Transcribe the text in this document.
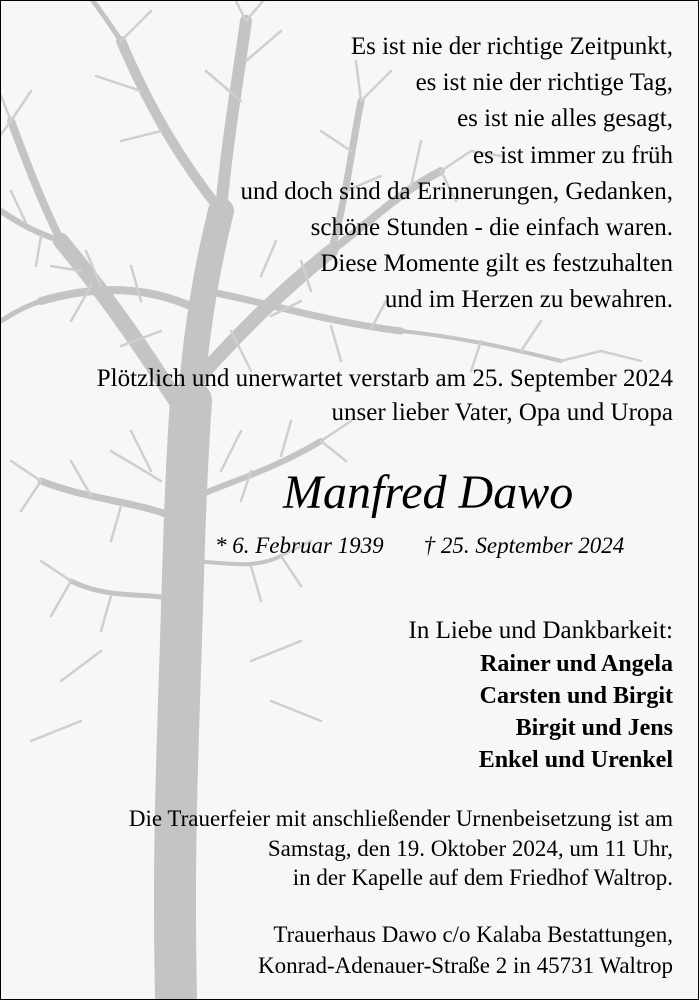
Es ist nie der richtige Zeitpunkt,
es ist nie der richtige Tag,
es ist nie alles gesagt,
es ist immer zu früh
und doch sind da Erinnerungen, Gedanken,
schöne Stunden - die einfach waren.
Diese Momente gilt es festzuhalten
und im Herzen zu bewahren.
Plötzlich und unerwartet verstarb am 25. September 2024
unser lieber Vater, Opa und Uropa
Manfred Dawo
* 6. Februar 1939 † 25. September 2024
In Liebe und Dankbarkeit:
Rainer und Angela
Carsten und Birgit
Birgit und Jens
Enkel und Urenkel
Die Trauerfeier mit anschließender Urnenbeisetzung ist am
Samstag, den 19. Oktober 2024, um 11 Uhr,
in der Kapelle auf dem Friedhof Waltrop.
Trauerhaus Dawo c/o Kalaba Bestattungen,
Konrad-Adenauer-Straße 2 in 45731 Waltrop
